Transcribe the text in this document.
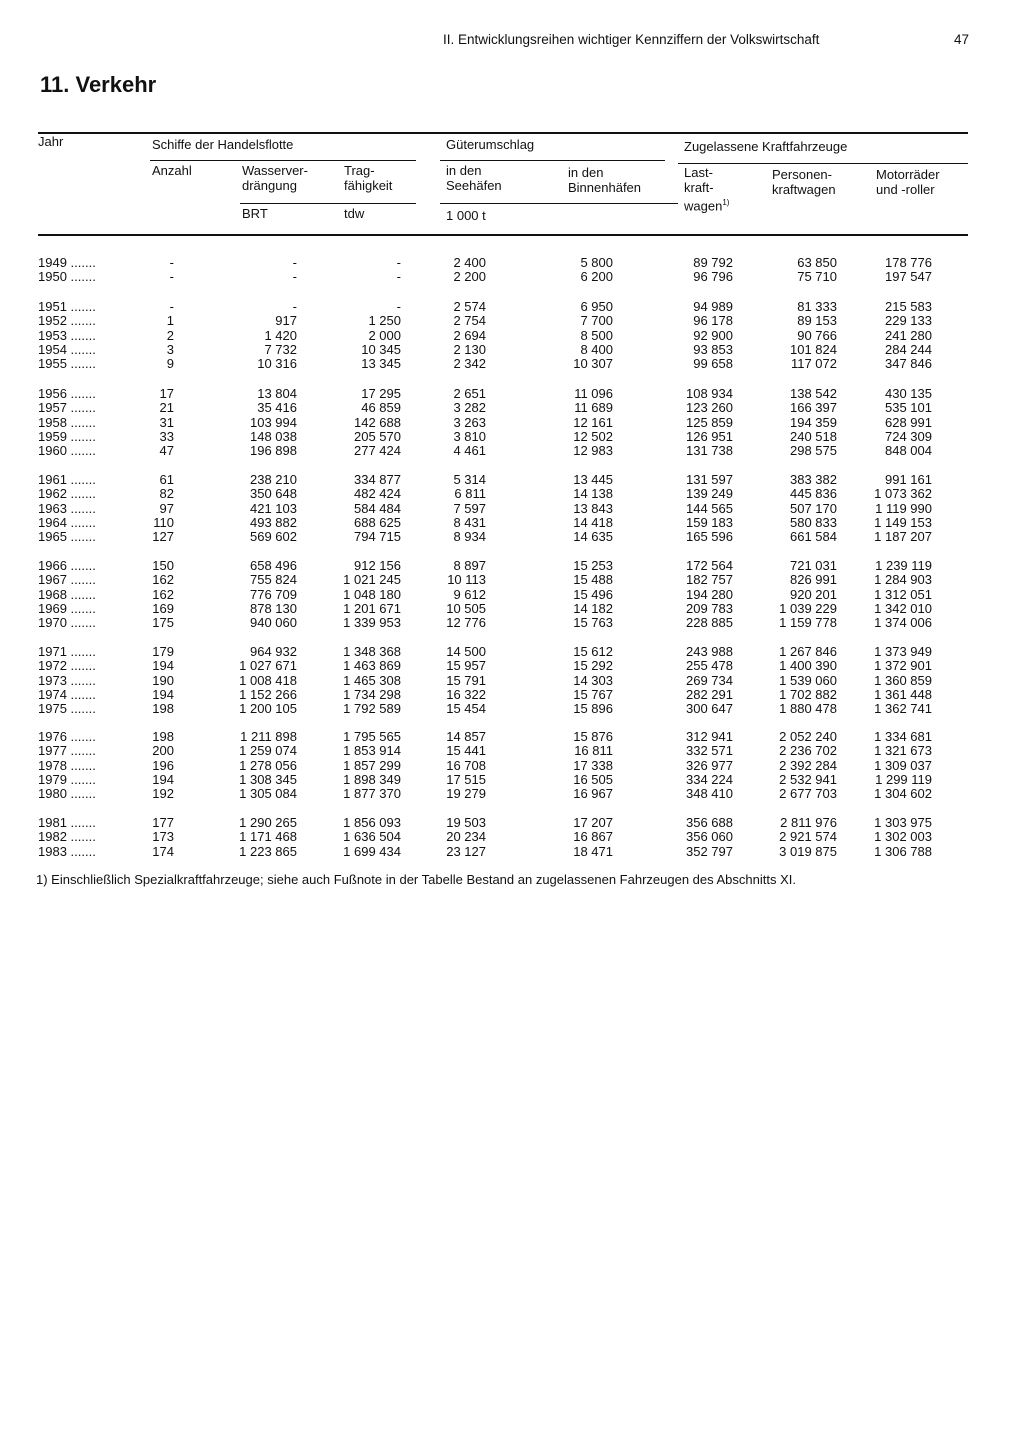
II. Entwicklungsreihen wichtiger Kennziffern der Volkswirtschaft	47
11. Verkehr
Jahr	Schiffe der Handelsflotte	Güterumschlag	Zugelassene Kraftfahrzeuge
Anzahl	Wasserver-
drängung
Trag-
fähigkeit
in den
Seehäfen
in den
Binnenhäfen
Last-
kraft-
wagen$^{1)}$
Personen-
kraftwagen
Motorräder
und -roller
BRT	tdw	1 000 t
1949 .......	-	-	-	2 400	5 800	89 792	63 850	178 776
1950 .......	-	-	-	2 200	6 200	96 796	75 710	197 547
1951 .......	-	-	-	2 574	6 950	94 989	81 333	215 583
1952 .......	1	917	1 250	2 754	7 700	96 178	89 153	229 133
1953 .......	2	1 420	2 000	2 694	8 500	92 900	90 766	241 280
1954 .......	3	7 732	10 345	2 130	8 400	93 853	101 824	284 244
1955 .......	9	10 316	13 345	2 342	10 307	99 658	117 072	347 846
1956 .......	17	13 804	17 295	2 651	11 096	108 934	138 542	430 135
1957 .......	21	35 416	46 859	3 282	11 689	123 260	166 397	535 101
1958 .......	31	103 994	142 688	3 263	12 161	125 859	194 359	628 991
1959 .......	33	148 038	205 570	3 810	12 502	126 951	240 518	724 309
1960 .......	47	196 898	277 424	4 461	12 983	131 738	298 575	848 004
1961 .......	61	238 210	334 877	5 314	13 445	131 597	383 382	991 161
1962 .......	82	350 648	482 424	6 811	14 138	139 249	445 836	1 073 362
1963 .......	97	421 103	584 484	7 597	13 843	144 565	507 170	1 119 990
1964 .......	110	493 882	688 625	8 431	14 418	159 183	580 833	1 149 153
1965 .......	127	569 602	794 715	8 934	14 635	165 596	661 584	1 187 207
1966 .......	150	658 496	912 156	8 897	15 253	172 564	721 031	1 239 119
1967 .......	162	755 824	1 021 245	10 113	15 488	182 757	826 991	1 284 903
1968 .......	162	776 709	1 048 180	9 612	15 496	194 280	920 201	1 312 051
1969 .......	169	878 130	1 201 671	10 505	14 182	209 783	1 039 229	1 342 010
1970 .......	175	940 060	1 339 953	12 776	15 763	228 885	1 159 778	1 374 006
1971 .......	179	964 932	1 348 368	14 500	15 612	243 988	1 267 846	1 373 949
1972 .......	194	1 027 671	1 463 869	15 957	15 292	255 478	1 400 390	1 372 901
1973 .......	190	1 008 418	1 465 308	15 791	14 303	269 734	1 539 060	1 360 859
1974 .......	194	1 152 266	1 734 298	16 322	15 767	282 291	1 702 882	1 361 448
1975 .......	198	1 200 105	1 792 589	15 454	15 896	300 647	1 880 478	1 362 741
1976 .......	198	1 211 898	1 795 565	14 857	15 876	312 941	2 052 240	1 334 681
1977 .......	200	1 259 074	1 853 914	15 441	16 811	332 571	2 236 702	1 321 673
1978 .......	196	1 278 056	1 857 299	16 708	17 338	326 977	2 392 284	1 309 037
1979 .......	194	1 308 345	1 898 349	17 515	16 505	334 224	2 532 941	1 299 119
1980 .......	192	1 305 084	1 877 370	19 279	16 967	348 410	2 677 703	1 304 602
1981 .......	177	1 290 265	1 856 093	19 503	17 207	356 688	2 811 976	1 303 975
1982 .......	173	1 171 468	1 636 504	20 234	16 867	356 060	2 921 574	1 302 003
1983 .......	174	1 223 865	1 699 434	23 127	18 471	352 797	3 019 875	1 306 788
1) Einschließlich Spezialkraftfahrzeuge; siehe auch Fußnote in der Tabelle Bestand an zugelassenen Fahrzeugen des Abschnitts XI.
